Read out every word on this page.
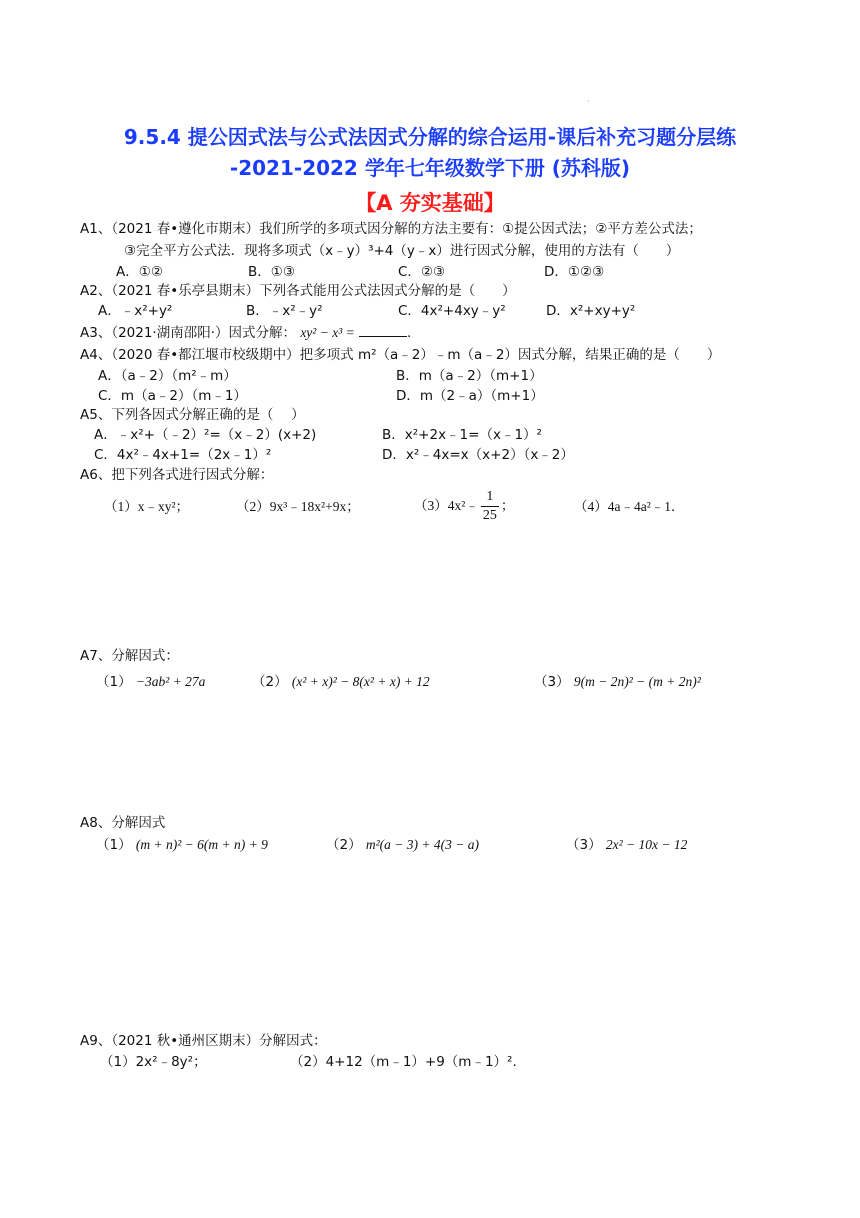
·
9.5.4 提公因式法与公式法因式分解的综合运用-课后补充习题分层练
-2021-2022 学年七年级数学下册 (苏科版)
【A 夯实基础】
A1、（2021 春•遵化市期末）我们所学的多项式因分解的方法主要有：①提公因式法；②平方差公式法；
③完全平方公式法．现将多项式（x﹣y）³+4（y﹣x）进行因式分解，使用的方法有（　　）
A．①②	B．①③	C．②③	D．①②③
A2、（2021 春•乐亭县期末）下列各式能用公式法因式分解的是（　　）
A．﹣x²+y²	B．﹣x²﹣y²	C．4x²+4xy﹣y²	D．x²+xy+y²
A3、（2021·湖南邵阳·）因式分解： xy² − x³ =	.
A4、（2020 春•都江堰市校级期中）把多项式 m²（a﹣2）﹣m（a﹣2）因式分解，结果正确的是（　　）
A．（a﹣2）（m²﹣m）	B．m（a﹣2）（m+1）
C．m（a﹣2）（m﹣1）	D．m（2﹣a）（m+1）
A5、下列各因式分解正确的是（　 ）
A．﹣x²+（﹣2）²=（x﹣2）(x+2)	B．x²+2x﹣1=（x﹣1）²
C．4x²﹣4x+1=（2x﹣1）²	D．x²﹣4x=x（x+2）（x﹣2）
A6、把下列各式进行因式分解：
（1）x﹣xy²；	（2）9x³﹣18x²+9x；	（3）4x²﹣ $\frac{1}{25}$ ；	（4）4a﹣4a²﹣1．
A7、分解因式：
（1） −3ab² + 27a	（2） (x² + x)² − 8(x² + x) + 12	（3） 9(m − 2n)² − (m + 2n)²
A8、分解因式
（1） (m + n)² − 6(m + n) + 9	（2） m²(a − 3) + 4(3 − a)	（3） 2x² − 10x − 12
A9、（2021 秋•通州区期末）分解因式：
（1）2x²﹣8y²；	（2）4+12（m﹣1）+9（m﹣1）².
